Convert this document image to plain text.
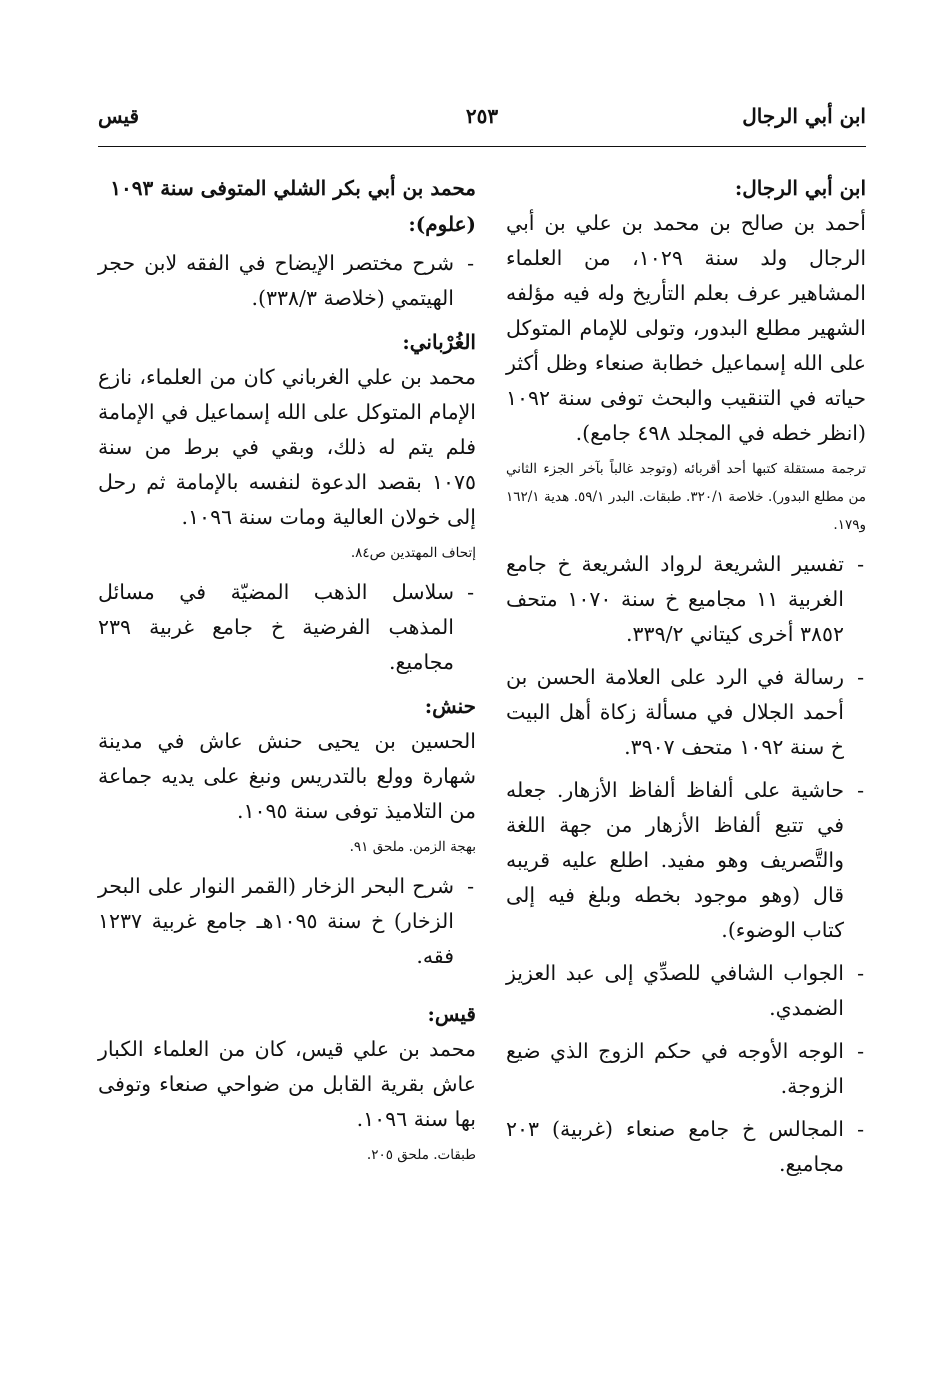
ابن أبي الرجال
٢٥٣
قيس

ابن أبي الرجال:

أحمد بن صالح بن محمد بن علي بن أبي الرجال ولد سنة ١٠٢٩، من العلماء المشاهير عرف بعلم التأريخ وله فيه مؤلفه الشهير مطلع البدور، وتولى للإمام المتوكل على الله إسماعيل خطابة صنعاء وظل أكثر حياته في التنقيب والبحث توفى سنة ١٠٩٢ (انظر خطه في المجلد ٤٩٨ جامع).

ترجمة مستقلة كتبها أحد أقربائه (وتوجد غالباً بآخر الجزء الثاني من مطلع البدور). خلاصة ٣٢٠/١. طبقات. البدر ٥٩/١. هدية ١٦٢/١ و١٧٩.

- تفسير الشريعة لرواد الشريعة خ جامع الغربية ١١ مجاميع خ سنة ١٠٧٠ متحف ٣٨٥٢ أخرى كيتاني ٣٣٩/٢.

- رسالة في الرد على العلامة الحسن بن أحمد الجلال في مسألة زكاة أهل البيت خ سنة ١٠٩٢ متحف ٣٩٠٧.

- حاشية على ألفاظ ألفاظ الأزهار. جعله في تتبع ألفاظ الأزهار من جهة اللغة والتَّصريف وهو مفيد. اطلع عليه قريبه قال (وهو موجود بخطه وبلغ فيه إلى كتاب الوضوء).

- الجواب الشافي للصدِّي إلى عبد العزيز الضمدي.

- الوجه الأوجه في حكم الزوج الذي ضيع الزوجة.

- المجالس خ جامع صنعاء (غربية) ٢٠٣ مجاميع.

محمد بن أبي بكر الشلي المتوفى سنة ١٠٩٣ (علوم):

- شرح مختصر الإيضاح في الفقه لابن حجر الهيتمي (خلاصة ٣٣٨/٣).

الغُرْباني:

محمد بن علي الغرباني كان من العلماء، نازع الإمام المتوكل على الله إسماعيل في الإمامة فلم يتم له ذلك، وبقي في برط من سنة ١٠٧٥ بقصد الدعوة لنفسه بالإمامة ثم رحل إلى خولان العالية ومات سنة ١٠٩٦.

إتحاف المهتدين ص٨٤.

- سلاسل الذهب المضيّة في مسائل المذهب الفرضية خ جامع غربية ٢٣٩ مجاميع.

حنش:

الحسين بن يحيى حنش عاش في مدينة شهارة وولع بالتدريس ونبغ على يديه جماعة من التلاميذ توفى سنة ١٠٩٥.

بهجة الزمن. ملحق ٩١.

- شرح البحر الزخار (القمر النوار على البحر الزخار) خ سنة ١٠٩٥هـ جامع غربية ١٢٣٧ فقه.

قيس:

محمد بن علي قيس، كان من العلماء الكبار عاش بقرية القابل من ضواحي صنعاء وتوفى بها سنة ١٠٩٦.

طبقات. ملحق ٢٠٥.
